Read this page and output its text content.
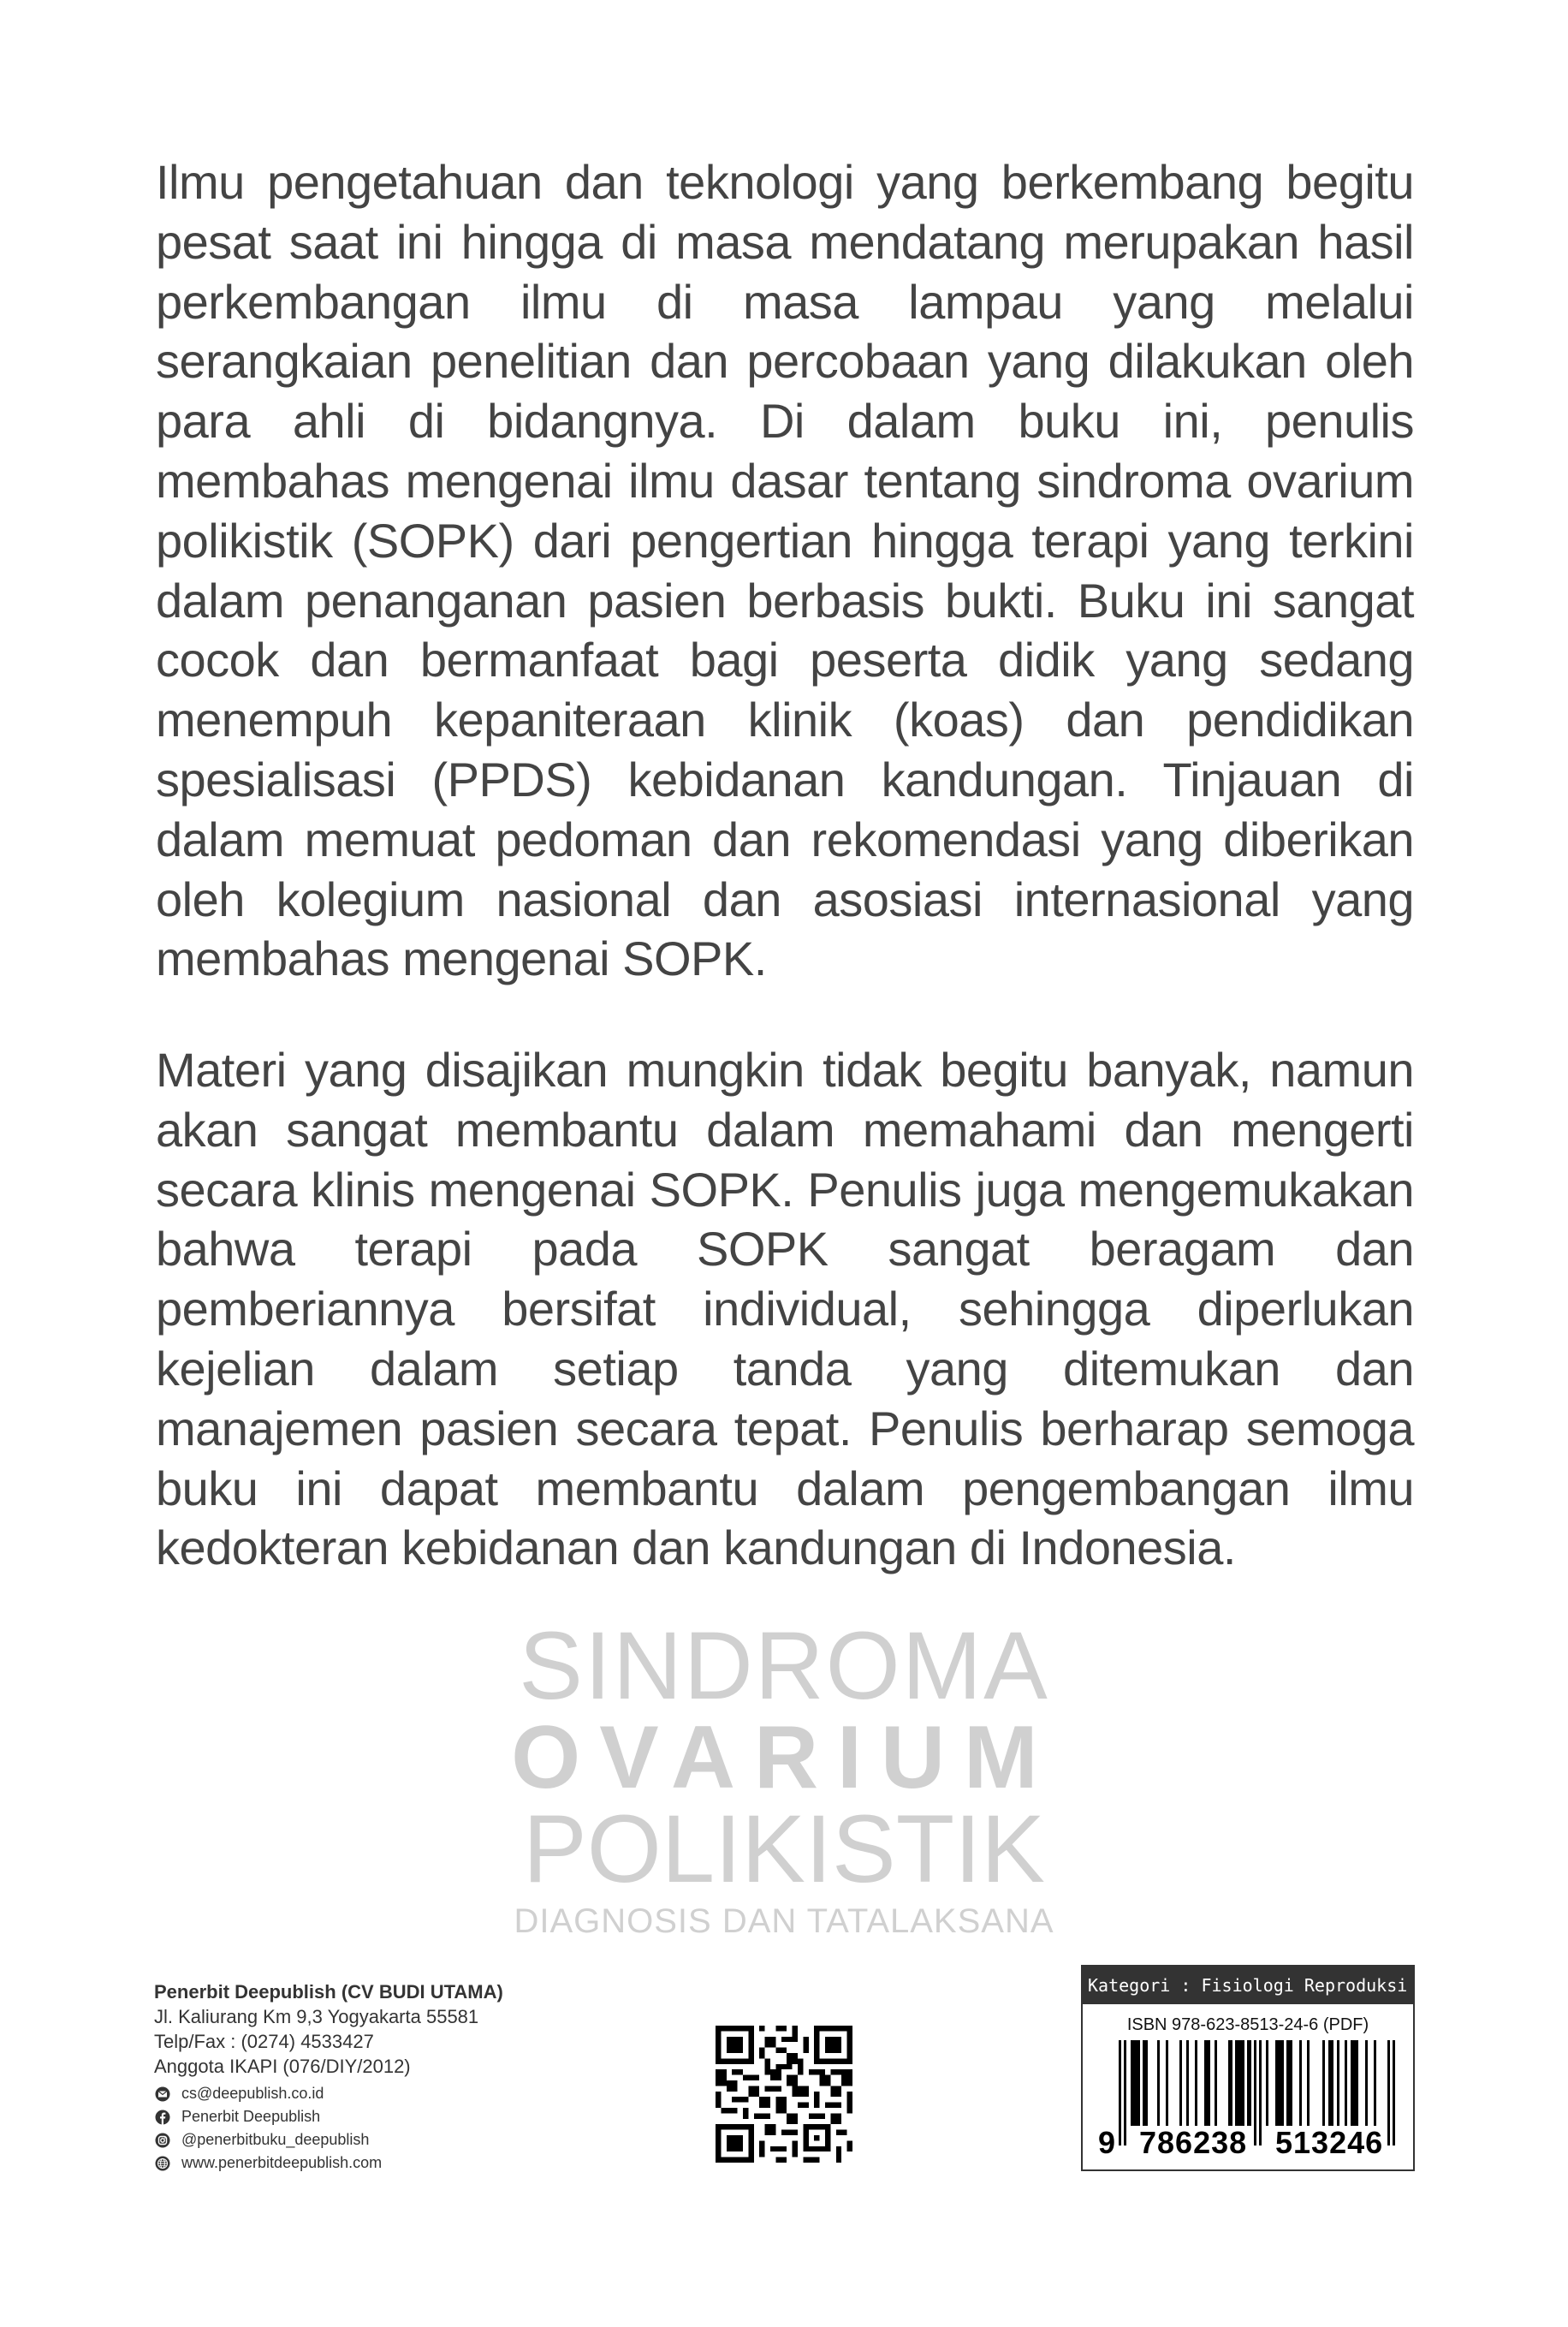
Ilmu pengetahuan dan teknologi yang berkembang begitu pesat saat ini hingga di masa mendatang merupakan hasil perkembangan ilmu di masa lampau yang melalui serangkaian penelitian dan percobaan yang dilakukan oleh para ahli di bidangnya. Di dalam buku ini, penulis membahas mengenai ilmu dasar tentang sindroma ovarium polikistik (SOPK) dari pengertian hingga terapi yang terkini dalam penanganan pasien berbasis bukti. Buku ini sangat cocok dan bermanfaat bagi peserta didik yang sedang menempuh kepaniteraan klinik (koas) dan pendidikan spesialisasi (PPDS) kebidanan kandungan. Tinjauan di dalam memuat pedoman dan rekomendasi yang diberikan oleh kolegium nasional dan asosiasi internasional yang membahas mengenai SOPK.

Materi yang disajikan mungkin tidak begitu banyak, namun akan sangat membantu dalam memahami dan mengerti secara klinis mengenai SOPK. Penulis juga mengemukakan bahwa terapi pada SOPK sangat beragam dan pemberiannya bersifat individual, sehingga diperlukan kejelian dalam setiap tanda yang ditemukan dan manajemen pasien secara tepat. Penulis berharap semoga buku ini dapat membantu dalam pengembangan ilmu kedokteran kebidanan dan kandungan di Indonesia.

SINDROMA
OVARIUM
POLIKISTIK
DIAGNOSIS DAN TATALAKSANA
Penerbit Deepublish (CV BUDI UTAMA)
Jl. Kaliurang Km 9,3 Yogyakarta 55581
Telp/Fax : (0274) 4533427
Anggota IKAPI (076/DIY/2012)
cs@deepublish.co.id
Penerbit Deepublish
@penerbitbuku_deepublish
www.penerbitdeepublish.com
Kategori : Fisiologi Reproduksi
ISBN 978-623-8513-24-6 (PDF)
9 786238 513246
